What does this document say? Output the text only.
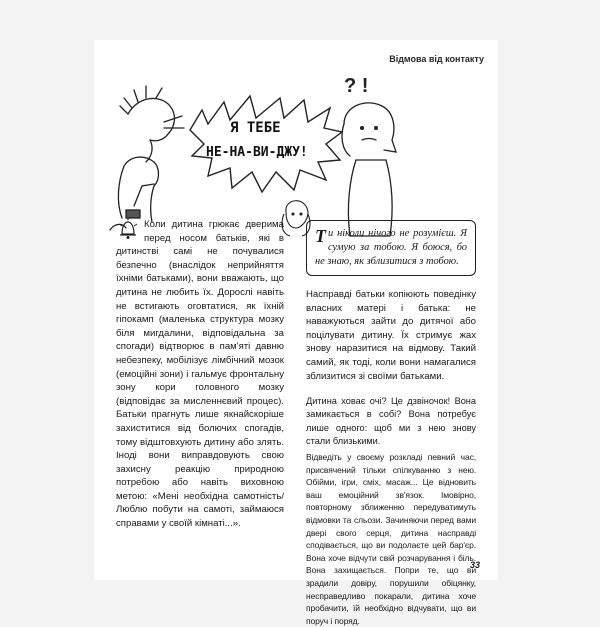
Відмова від контакту
Я ТЕБЕ
НЕ-НА-ВИ-ДЖУ!
? !
Коли дитина грюкає дверима перед носом батьків, які в дитинстві самі не почувалися безпечно (внаслідок неприйняття їхніми батьками), вони вважають, що дитина не любить їх. Дорослі навіть не встигають оговтатися, як їхній гіпокамп (маленька структура мозку біля мигдалини, відповідальна за спогади) відтворює в пам'яті давню небезпеку, мобілізує лімбічний мозок (емоційні зони) і гальмує фронтальну зону кори головного мозку (відповідає за мисленнєвий процес). Батьки прагнуть лише якнайскоріше захиститися від болючих спогадів, тому відштовхують дитину або злять. Іноді вони виправдовують свою захисну реакцію природною потребою або навіть виховною метою: «Мені необхідна самотність/Люблю побути на самоті, займаюся справами у своїй кімнаті...».
Ти ніколи нічого не розумієш. Я сумую за тобою. Я боюся, бо не знаю, як зблизитися з тобою.

Насправді батьки копіюють поведінку власних матері і батька: не наважуються зайти до дитячої або поцілувати дитину. Їх стримує жах знову наразитися на відмову. Такий самий, як тоді, коли вони намагалися зблизитися зі своїми батьками.

Дитина ховає очі? Це дзвіночок! Вона замикається в собі? Вона потребує лише одного: щоб ми з нею знову стали близькими.

Відведіть у своєму розкладі певний час, присвячений тільки спілкуванню з нею. Обійми, ігри, сміх, масаж... Це відновить ваш емоційний зв'язок. Імовірно, повторному зближенню передуватимуть відмовки та сльози. Зачиняючи перед вами двері свого серця, дитина насправді сподівається, що ви подолаєте цей бар'єр. Вона хоче відчути свій розчарування і біль. Вона захищається. Попри те, що ви зрадили довіру, порушили обіцянку, несправедливо покарали, дитина хоче пробачити, їй необхідно відчувати, що ви поруч і поряд.

33
